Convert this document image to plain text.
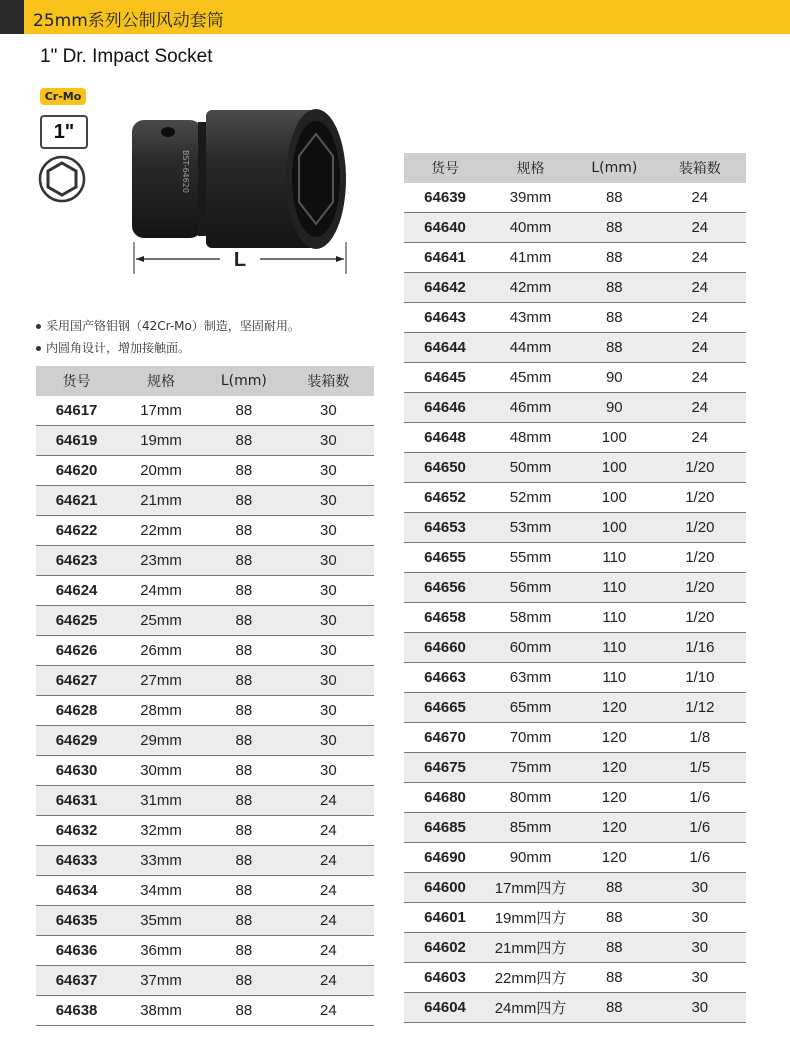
25mm系列公制风动套筒
1" Dr. Impact Socket
Cr-Mo
1"
BST-64620
L
采用国产铬钼钢（42Cr-Mo）制造，坚固耐用。
内圆角设计，增加接触面。
货号	规格	L(mm)	装箱数
64617	17mm	88	30
64619	19mm	88	30
64620	20mm	88	30
64621	21mm	88	30
64622	22mm	88	30
64623	23mm	88	30
64624	24mm	88	30
64625	25mm	88	30
64626	26mm	88	30
64627	27mm	88	30
64628	28mm	88	30
64629	29mm	88	30
64630	30mm	88	30
64631	31mm	88	24
64632	32mm	88	24
64633	33mm	88	24
64634	34mm	88	24
64635	35mm	88	24
64636	36mm	88	24
64637	37mm	88	24
64638	38mm	88	24
货号	规格	L(mm)	装箱数
64639	39mm	88	24
64640	40mm	88	24
64641	41mm	88	24
64642	42mm	88	24
64643	43mm	88	24
64644	44mm	88	24
64645	45mm	90	24
64646	46mm	90	24
64648	48mm	100	24
64650	50mm	100	1/20
64652	52mm	100	1/20
64653	53mm	100	1/20
64655	55mm	110	1/20
64656	56mm	110	1/20
64658	58mm	110	1/20
64660	60mm	110	1/16
64663	63mm	110	1/10
64665	65mm	120	1/12
64670	70mm	120	1/8
64675	75mm	120	1/5
64680	80mm	120	1/6
64685	85mm	120	1/6
64690	90mm	120	1/6
64600	17mm四方	88	30
64601	19mm四方	88	30
64602	21mm四方	88	30
64603	22mm四方	88	30
64604	24mm四方	88	30
